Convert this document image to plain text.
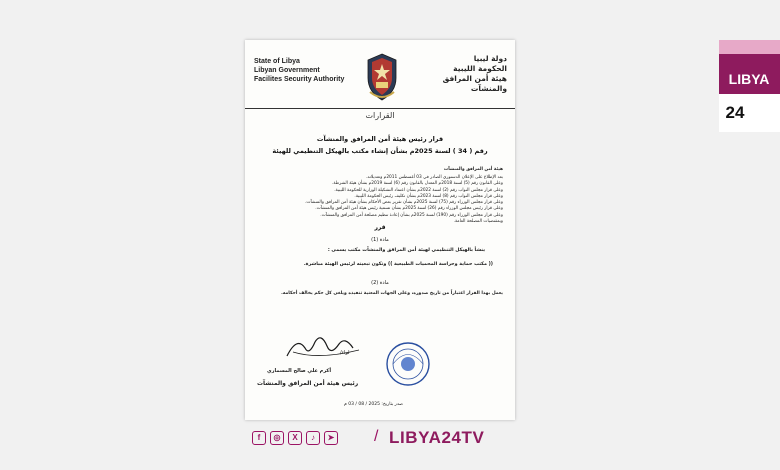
State of Libya
Libyan Government
Facilites Security Authority
دولة ليبيا
الحكومة الليبية
هيئة أمن المرافق والمنشآت
القرارات
قرار رئيس هيئة أمن المرافق والمنشآت
رقم ( 34 ) لسنة 2025م بشأن إنشاء مكتب بالهيكل التنظيمي للهيئة
هيئة أمن المرافق والمنشآت
بعد الإطلاع على الإعلان الدستوري الصادر في 03 أغسطس 2011م وتعديلاته.
وعلى القانون رقم (5) لسنة 2018م المعدل بالقانون رقم (6) لسنة 2019م بشأن هيئة الشرطة.
وعلى قرار مجلس النواب رقم (2) لسنة 2022م بشأن اعتماد التشكيلة الوزارية للحكومة الليبية.
وعلى قرار مجلس النواب رقم (8) لسنة 2023م بشأن تكليف رئيس الحكومة الليبية.
وعلى قرار مجلس الوزراء رقم (75) لسنة 2025م بشأن تقرير بعض الأحكام بشأن هيئة أمن المرافق والمنشآت.
وعلى قرار رئيس مجلس الوزراء رقم (26) لسنة 2025م بشأن تسمية رئيس هيئة أمن المرافق والمنشآت.
وعلى قرار مجلس الوزراء رقم (190) لسنة 2025م بشأن إعادة تنظيم مصلحة أمن المرافق والمنشآت.
وبمقتضيات المصلحة العامة.
قرر
مادة (1)
ينشأ بالهيكل التنظيمي لهيئة أمن المرافق والمنشآت مكتب يسمى :
(( مكتب حماية وحراسة المحميات الطبيعية )) وتكون تبعيته لرئيس الهيئة مباشرة.
مادة (2)
يعمل بهذا القرار اعتباراً من تاريخ صدوره، وعلى الجهات المعنية تنفيذه ويلغى كل حكم يخالف أحكامه.
لواء/
أكرم علي صالح المسماري
رئيس هيئة أمن المرافق والمنشآت
صدر بتاريخ: 2025 / 08 / 03 م
LIBYA
24
f	◎	X	♪	➤ / LIBYA24TV
